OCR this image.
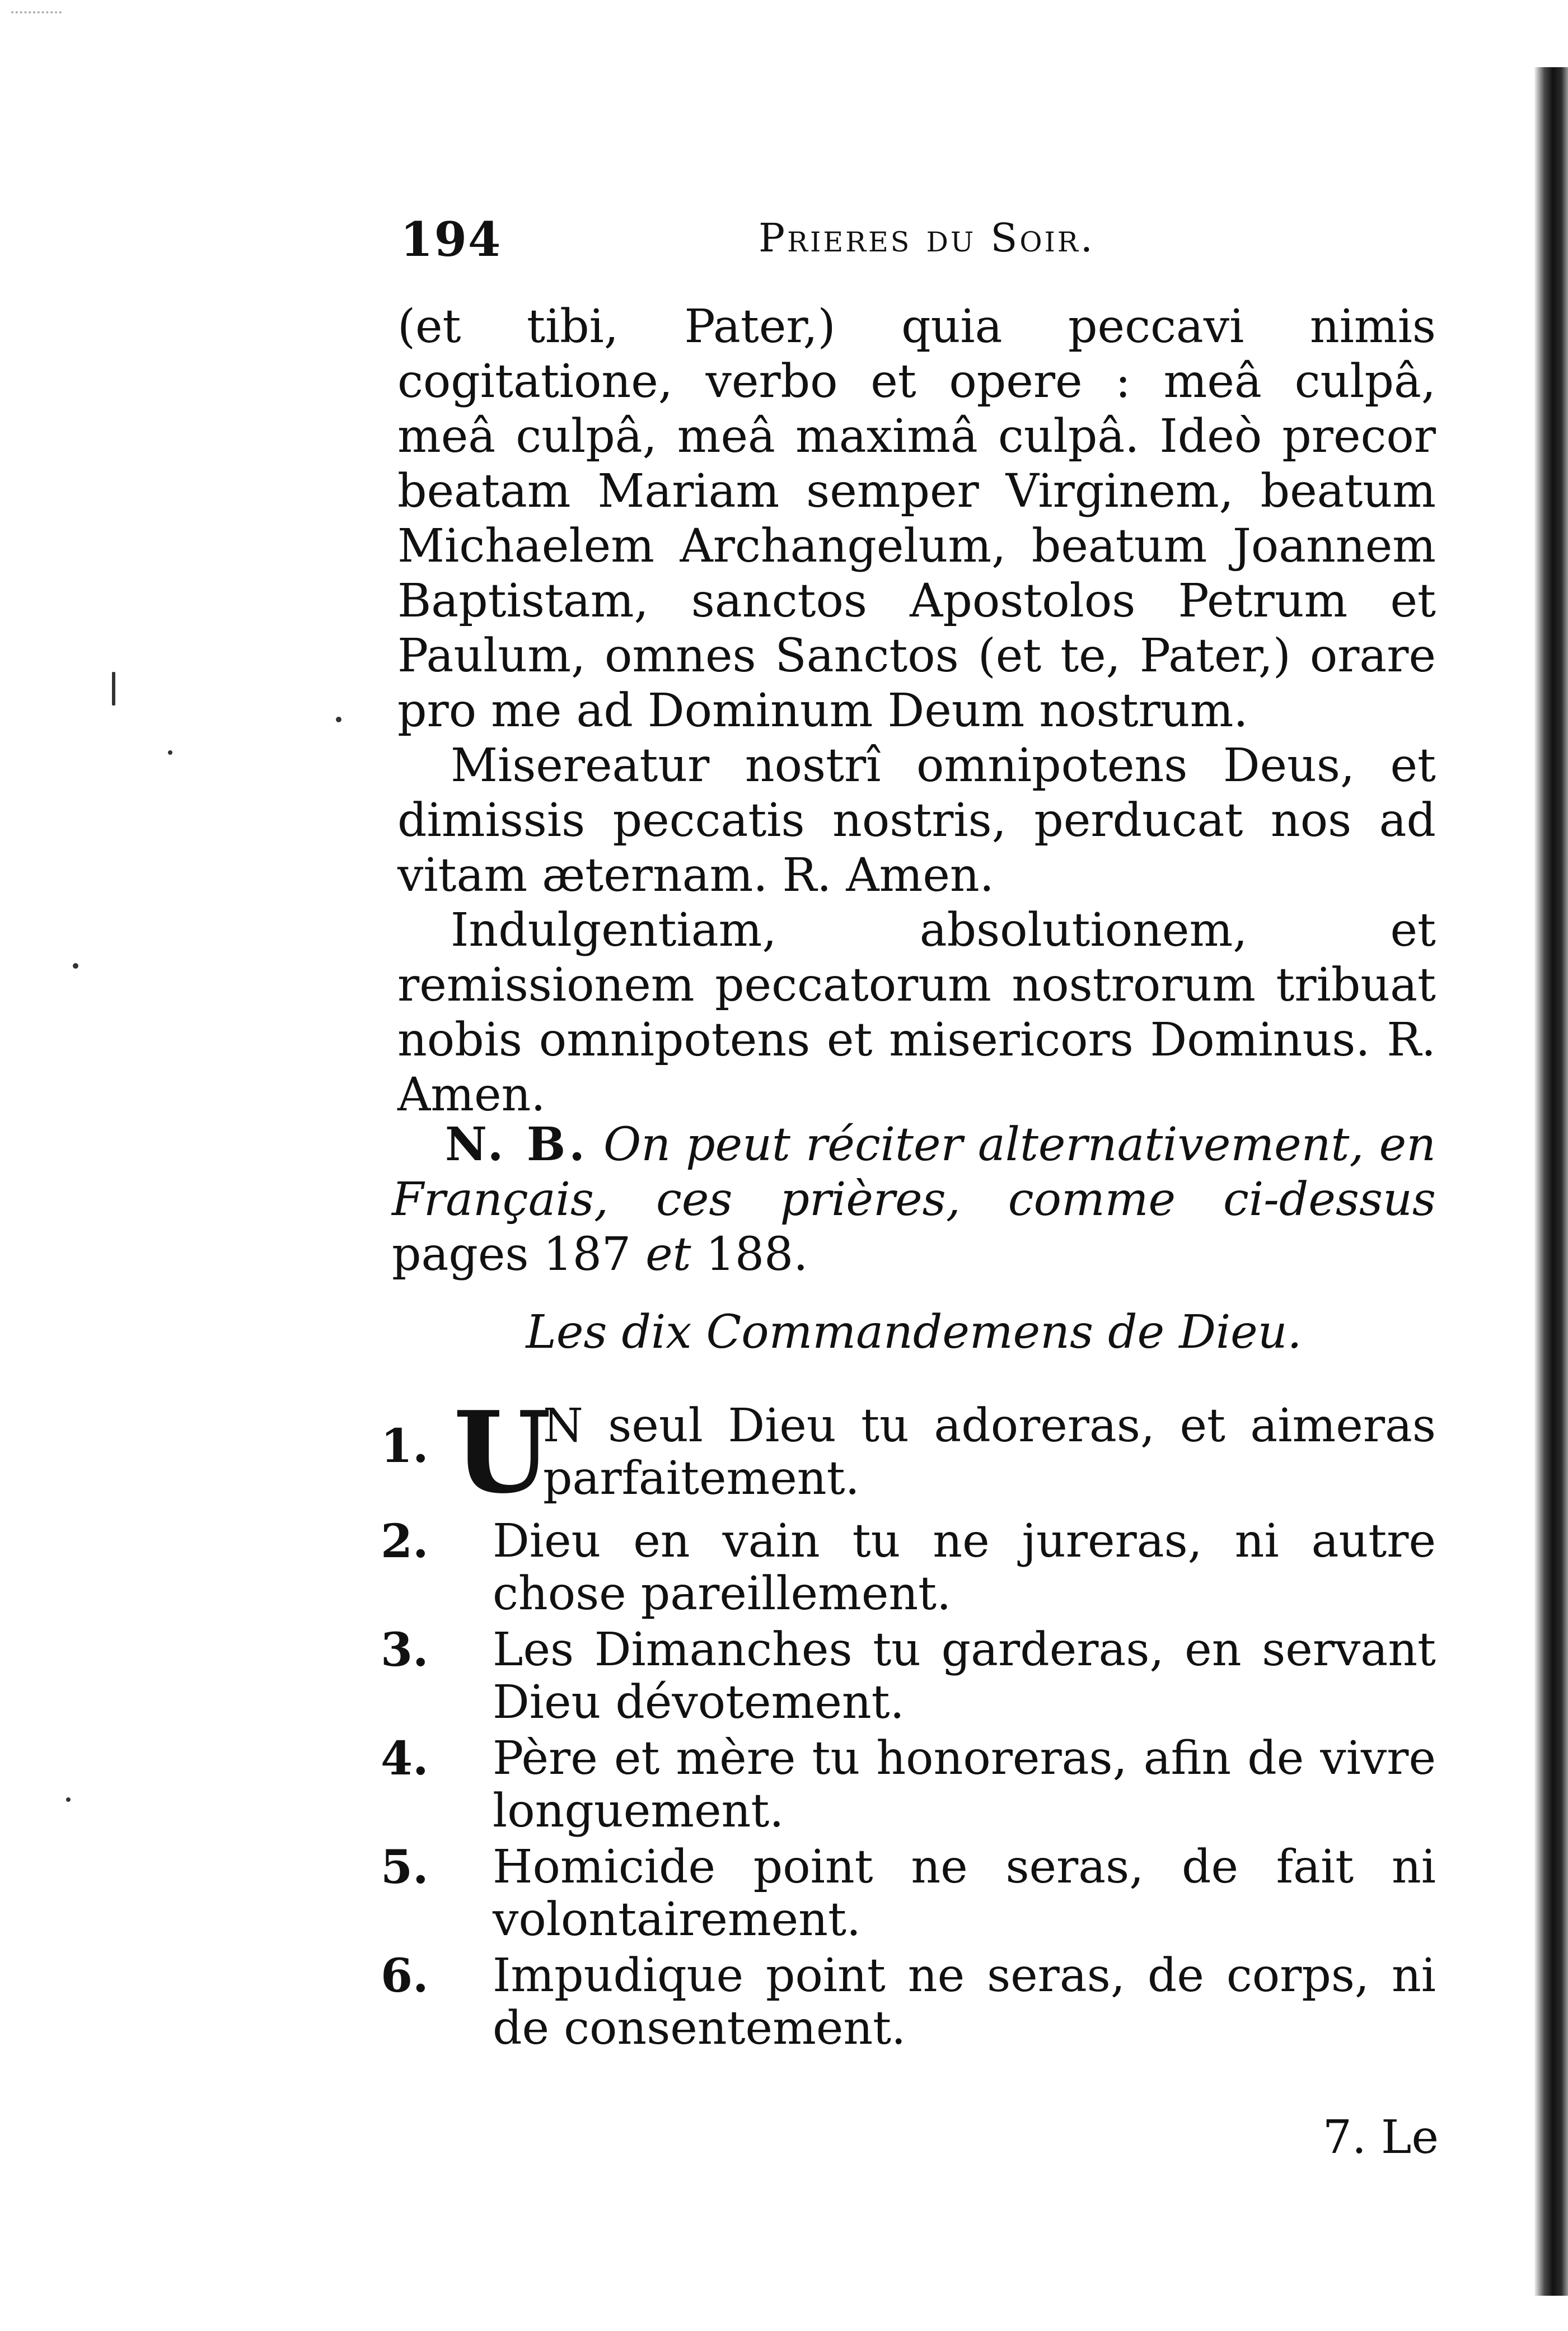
194	Prieres du Soir.

(et tibi, Pater,) quia peccavi nimis cogitatione, verbo et opere : meâ culpâ, meâ culpâ, meâ maximâ culpâ. Ideò precor beatam Mariam semper Virginem, beatum Michaelem Archangelum, beatum Joannem Baptistam, sanctos Apostolos Petrum et Paulum, omnes Sanctos (et te, Pater,) orare pro me ad Dominum Deum nostrum.

Misereatur nostrî omnipotens Deus, et dimissis peccatis nostris, perducat nos ad vitam æternam. R. Amen.

Indulgentiam, absolutionem, et remissionem peccatorum nostrorum tribuat nobis omnipotens et misericors Dominus. R. Amen.

N. B. On peut réciter alternativement, en Français, ces prières, comme ci-dessus pages 187 et 188.
Les dix Commandemens de Dieu.
1. U
N seul Dieu tu adoreras, et aimeras parfaitement.
2.	Dieu en vain tu ne jureras, ni autre chose pareillement.
3.	Les Dimanches tu garderas, en servant Dieu dévotement.
4.	Père et mère tu honoreras, afin de vivre longuement.
5.	Homicide point ne seras, de fait ni volontairement.
6.	Impudique point ne seras, de corps, ni de consentement.
7. Le
